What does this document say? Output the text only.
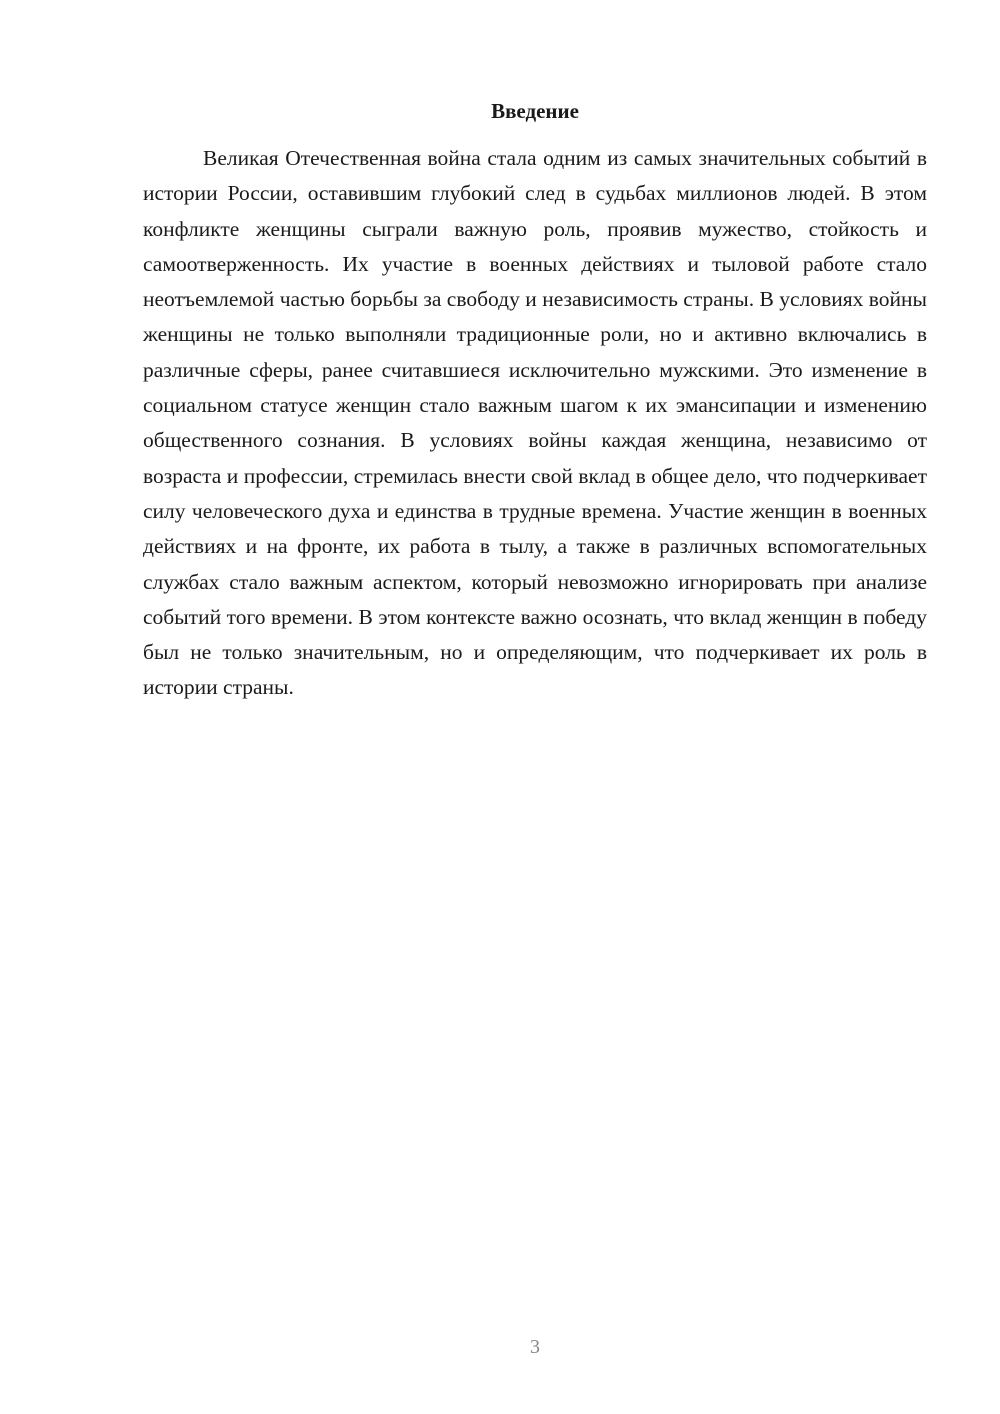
Введение

Великая Отечественная война стала одним из самых значительных событий в истории России, оставившим глубокий след в судьбах миллионов людей. В этом конфликте женщины сыграли важную роль, проявив мужество, стойкость и самоотверженность. Их участие в военных действиях и тыловой работе стало неотъемлемой частью борьбы за свободу и независимость страны. В условиях войны женщины не только выполняли традиционные роли, но и активно включались в различные сферы, ранее считавшиеся исключительно мужскими. Это изменение в социальном статусе женщин стало важным шагом к их эмансипации и изменению общественного сознания. В условиях войны каждая женщина, независимо от возраста и профессии, стремилась внести свой вклад в общее дело, что подчеркивает силу человеческого духа и единства в трудные времена. Участие женщин в военных действиях и на фронте, их работа в тылу, а также в различных вспомогательных службах стало важным аспектом, который невозможно игнорировать при анализе событий того времени. В этом контексте важно осознать, что вклад женщин в победу был не только значительным, но и определяющим, что подчеркивает их роль в истории страны.

3
